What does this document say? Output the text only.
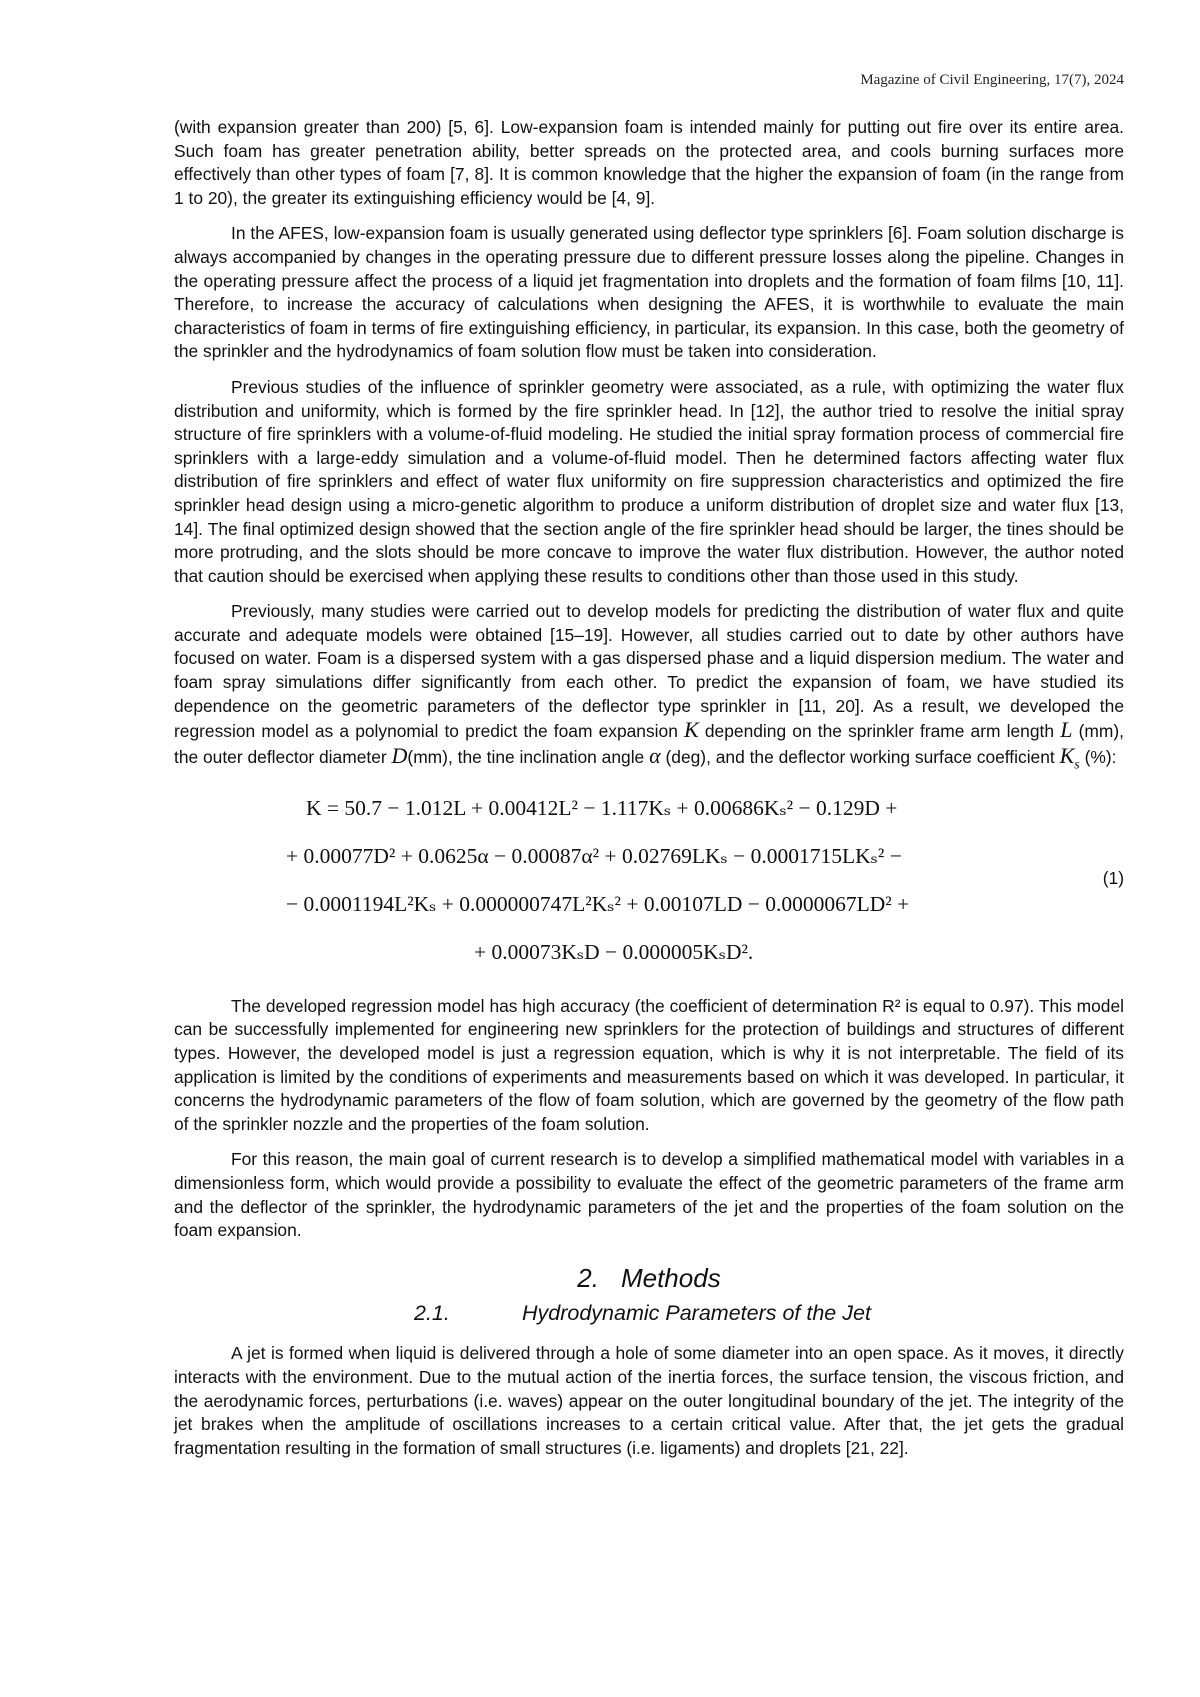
Magazine of Civil Engineering, 17(7), 2024

(with expansion greater than 200) [5, 6]. Low-expansion foam is intended mainly for putting out fire over its entire area. Such foam has greater penetration ability, better spreads on the protected area, and cools burning surfaces more effectively than other types of foam [7, 8]. It is common knowledge that the higher the expansion of foam (in the range from 1 to 20), the greater its extinguishing efficiency would be [4, 9].

In the AFES, low-expansion foam is usually generated using deflector type sprinklers [6]. Foam solution discharge is always accompanied by changes in the operating pressure due to different pressure losses along the pipeline. Changes in the operating pressure affect the process of a liquid jet fragmentation into droplets and the formation of foam films [10, 11]. Therefore, to increase the accuracy of calculations when designing the AFES, it is worthwhile to evaluate the main characteristics of foam in terms of fire extinguishing efficiency, in particular, its expansion. In this case, both the geometry of the sprinkler and the hydrodynamics of foam solution flow must be taken into consideration.

Previous studies of the influence of sprinkler geometry were associated, as a rule, with optimizing the water flux distribution and uniformity, which is formed by the fire sprinkler head. In [12], the author tried to resolve the initial spray structure of fire sprinklers with a volume-of-fluid modeling. He studied the initial spray formation process of commercial fire sprinklers with a large-eddy simulation and a volume-of-fluid model. Then he determined factors affecting water flux distribution of fire sprinklers and effect of water flux uniformity on fire suppression characteristics and optimized the fire sprinkler head design using a micro-genetic algorithm to produce a uniform distribution of droplet size and water flux [13, 14]. The final optimized design showed that the section angle of the fire sprinkler head should be larger, the tines should be more protruding, and the slots should be more concave to improve the water flux distribution. However, the author noted that caution should be exercised when applying these results to conditions other than those used in this study.

Previously, many studies were carried out to develop models for predicting the distribution of water flux and quite accurate and adequate models were obtained [15–19]. However, all studies carried out to date by other authors have focused on water. Foam is a dispersed system with a gas dispersed phase and a liquid dispersion medium. The water and foam spray simulations differ significantly from each other. To predict the expansion of foam, we have studied its dependence on the geometric parameters of the deflector type sprinkler in [11, 20]. As a result, we developed the regression model as a polynomial to predict the foam expansion K depending on the sprinkler frame arm length L (mm), the outer deflector diameter D(mm), the tine inclination angle α (deg), and the deflector working surface coefficient $K_s$ (%):

K = 50.7 − 1.012L + 0.00412L² − 1.117Kₛ + 0.00686Kₛ² − 0.129D +
+ 0.00077D² + 0.0625α − 0.00087α² + 0.02769LKₛ − 0.0001715LKₛ² −
− 0.0001194L²Kₛ + 0.000000747L²Kₛ² + 0.00107LD − 0.0000067LD² +
+ 0.00073KₛD − 0.000005KₛD².
(1)

The developed regression model has high accuracy (the coefficient of determination R² is equal to 0.97). This model can be successfully implemented for engineering new sprinklers for the protection of buildings and structures of different types. However, the developed model is just a regression equation, which is why it is not interpretable. The field of its application is limited by the conditions of experiments and measurements based on which it was developed. In particular, it concerns the hydrodynamic parameters of the flow of foam solution, which are governed by the geometry of the flow path of the sprinkler nozzle and the properties of the foam solution.

For this reason, the main goal of current research is to develop a simplified mathematical model with variables in a dimensionless form, which would provide a possibility to evaluate the effect of the geometric parameters of the frame arm and the deflector of the sprinkler, the hydrodynamic parameters of the jet and the properties of the foam solution on the foam expansion.

2. Methods
2.1.	Hydrodynamic Parameters of the Jet

A jet is formed when liquid is delivered through a hole of some diameter into an open space. As it moves, it directly interacts with the environment. Due to the mutual action of the inertia forces, the surface tension, the viscous friction, and the aerodynamic forces, perturbations (i.e. waves) appear on the outer longitudinal boundary of the jet. The integrity of the jet brakes when the amplitude of oscillations increases to a certain critical value. After that, the jet gets the gradual fragmentation resulting in the formation of small structures (i.e. ligaments) and droplets [21, 22].
